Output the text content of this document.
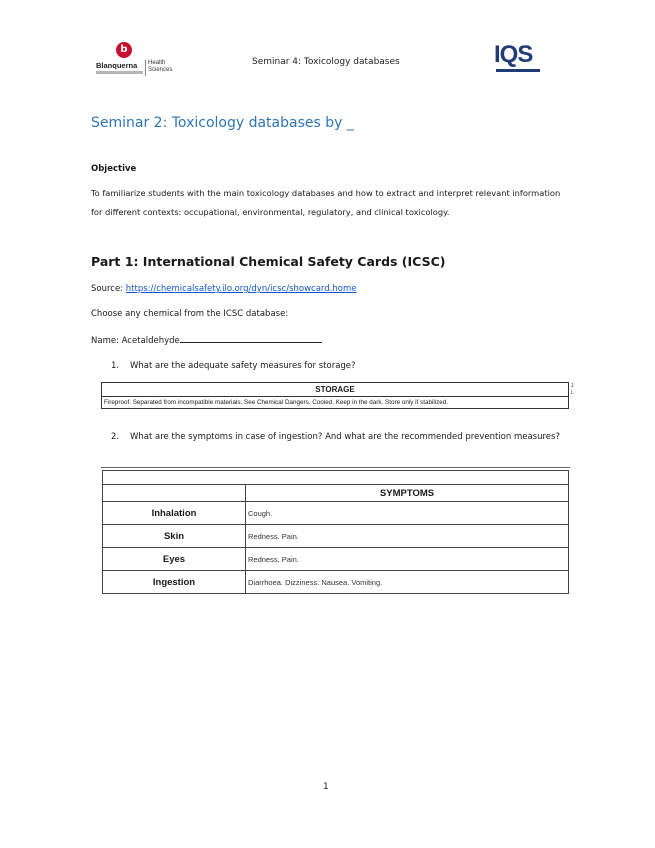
b
Blanquerna Health Sciences
Seminar 4: Toxicology databases	IQS
Seminar 2: Toxicology databases by _
Objective
To familiarize students with the main toxicology databases and how to extract and interpret relevant information for different contexts: occupational, environmental, regulatory, and clinical toxicology.
Part 1: International Chemical Safety Cards (ICSC)
Source: https://chemicalsafety.ilo.org/dyn/icsc/showcard.home
Choose any chemical from the ICSC database:
Name: Acetaldehyde
1. What are the adequate safety measures for storage?
STORAGE
Fireproof. Separated from incompatible materials. See Chemical Dangers. Cooled. Keep in the dark. Store only if stabilized.
1
L
2. What are the symptoms in case of ingestion? And what are the recommended prevention measures?

	SYMPTOMS
Inhalation	Cough.
Skin	Redness. Pain.
Eyes	Redness. Pain.
Ingestion	Diarrhoea. Dizziness. Nausea. Vomiting.
1
